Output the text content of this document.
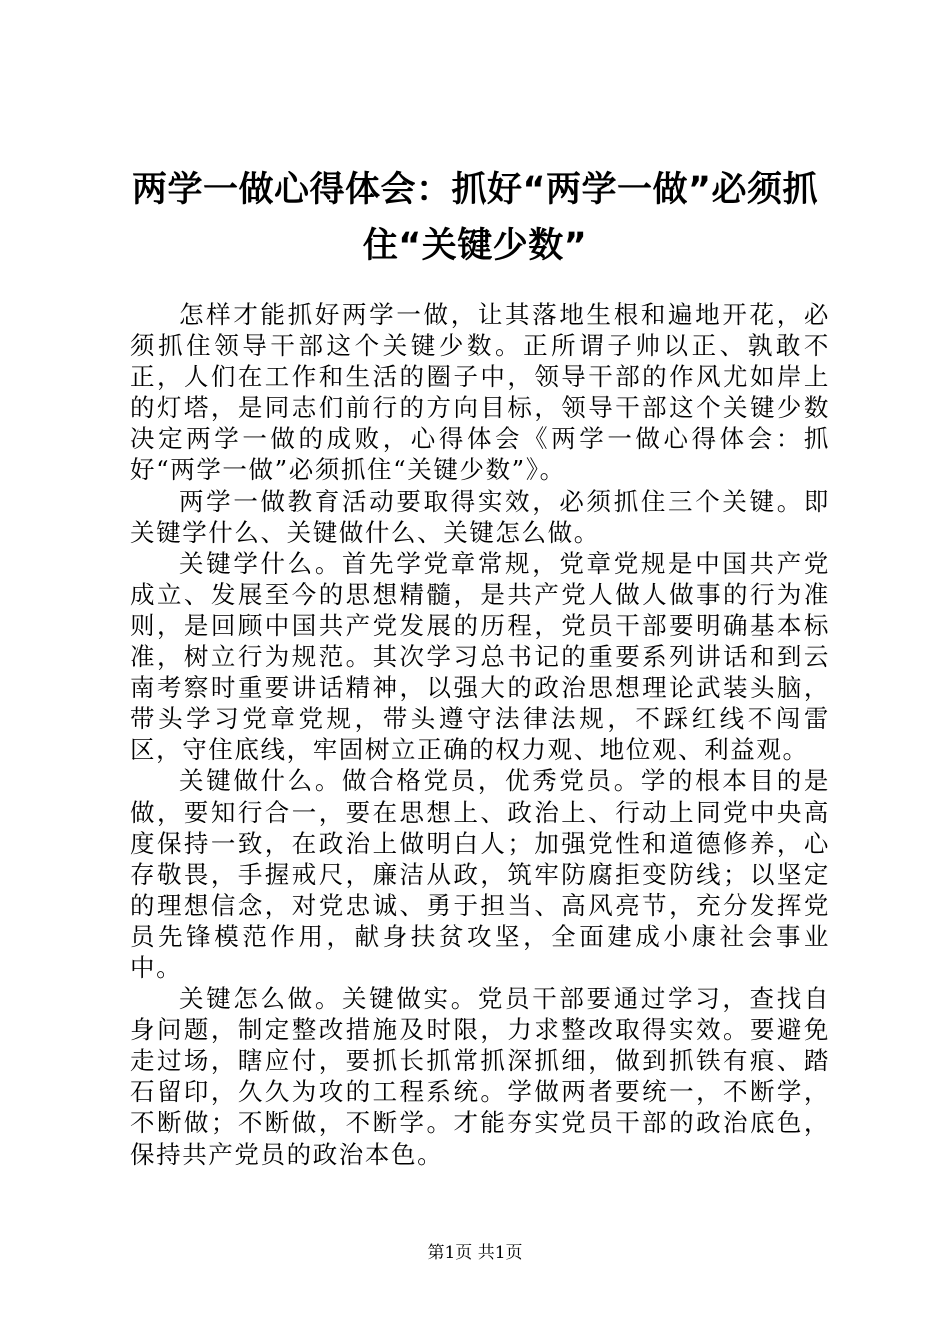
两学一做心得体会：抓好“两学一做”必须抓住“关键少数”

怎样才能抓好两学一做，让其落地生根和遍地开花，必须抓住领导干部这个关键少数。正所谓子帅以正、孰敢不正，人们在工作和生活的圈子中，领导干部的作风尤如岸上的灯塔，是同志们前行的方向目标，领导干部这个关键少数决定两学一做的成败，心得体会《两学一做心得体会：抓好“两学一做”必须抓住“关键少数”》。

两学一做教育活动要取得实效，必须抓住三个关键。即关键学什么、关键做什么、关键怎么做。

关键学什么。首先学党章常规，党章党规是中国共产党成立、发展至今的思想精髓，是共产党人做人做事的行为准则，是回顾中国共产党发展的历程，党员干部要明确基本标准，树立行为规范。其次学习总书记的重要系列讲话和到云南考察时重要讲话精神，以强大的政治思想理论武装头脑，带头学习党章党规，带头遵守法律法规，不踩红线不闯雷区，守住底线，牢固树立正确的权力观、地位观、利益观。

关键做什么。做合格党员，优秀党员。学的根本目的是做，要知行合一，要在思想上、政治上、行动上同党中央高度保持一致，在政治上做明白人；加强党性和道德修养，心存敬畏，手握戒尺，廉洁从政，筑牢防腐拒变防线；以坚定的理想信念，对党忠诚、勇于担当、高风亮节，充分发挥党员先锋模范作用，献身扶贫攻坚，全面建成小康社会事业中。

关键怎么做。关键做实。党员干部要通过学习，查找自身问题，制定整改措施及时限，力求整改取得实效。要避免走过场，瞎应付，要抓长抓常抓深抓细，做到抓铁有痕、踏石留印，久久为攻的工程系统。学做两者要统一，不断学，不断做；不断做，不断学。才能夯实党员干部的政治底色，保持共产党员的政治本色。

第1页 共1页
